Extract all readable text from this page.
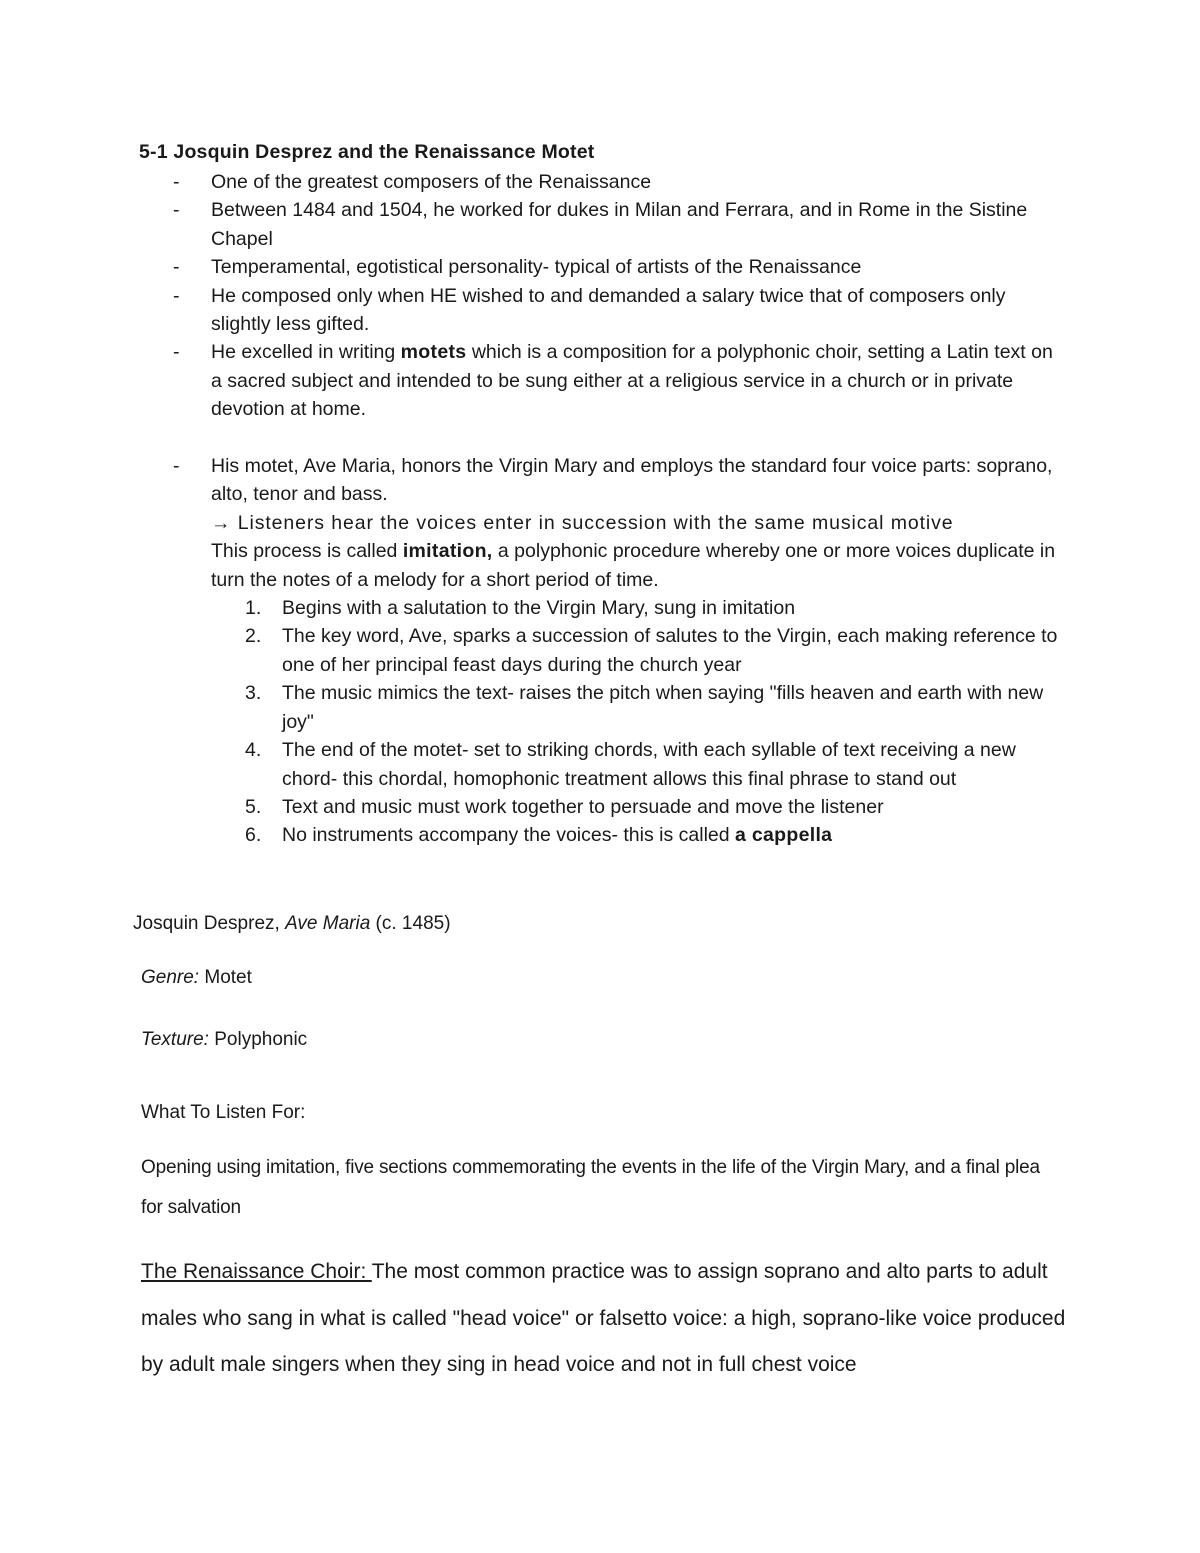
5-1 Josquin Desprez and the Renaissance Motet
- One of the greatest composers of the Renaissance
- Between 1484 and 1504, he worked for dukes in Milan and Ferrara, and in Rome in the Sistine Chapel
- Temperamental, egotistical personality- typical of artists of the Renaissance
- He composed only when HE wished to and demanded a salary twice that of composers only slightly less gifted.
- He excelled in writing motets which is a composition for a polyphonic choir, setting a Latin text on a sacred subject and intended to be sung either at a religious service in a church or in private devotion at home.
- His motet, Ave Maria, honors the Virgin Mary and employs the standard four voice parts: soprano, alto, tenor and bass.
→ Listeners hear the voices enter in succession with the same musical motive
This process is called imitation, a polyphonic procedure whereby one or more voices duplicate in turn the notes of a melody for a short period of time.
1. Begins with a salutation to the Virgin Mary, sung in imitation
2. The key word, Ave, sparks a succession of salutes to the Virgin, each making reference to one of her principal feast days during the church year
3. The music mimics the text- raises the pitch when saying "fills heaven and earth with new joy"
4. The end of the motet- set to striking chords, with each syllable of text receiving a new chord- this chordal, homophonic treatment allows this final phrase to stand out
5. Text and music must work together to persuade and move the listener
6. No instruments accompany the voices- this is called a cappella

Josquin Desprez, Ave Maria (c. 1485)

Genre: Motet

Texture: Polyphonic

What To Listen For:

Opening using imitation, five sections commemorating the events in the life of the Virgin Mary, and a final plea for salvation

The Renaissance Choir: The most common practice was to assign soprano and alto parts to adult males who sang in what is called "head voice" or falsetto voice: a high, soprano-like voice produced by adult male singers when they sing in head voice and not in full chest voice
